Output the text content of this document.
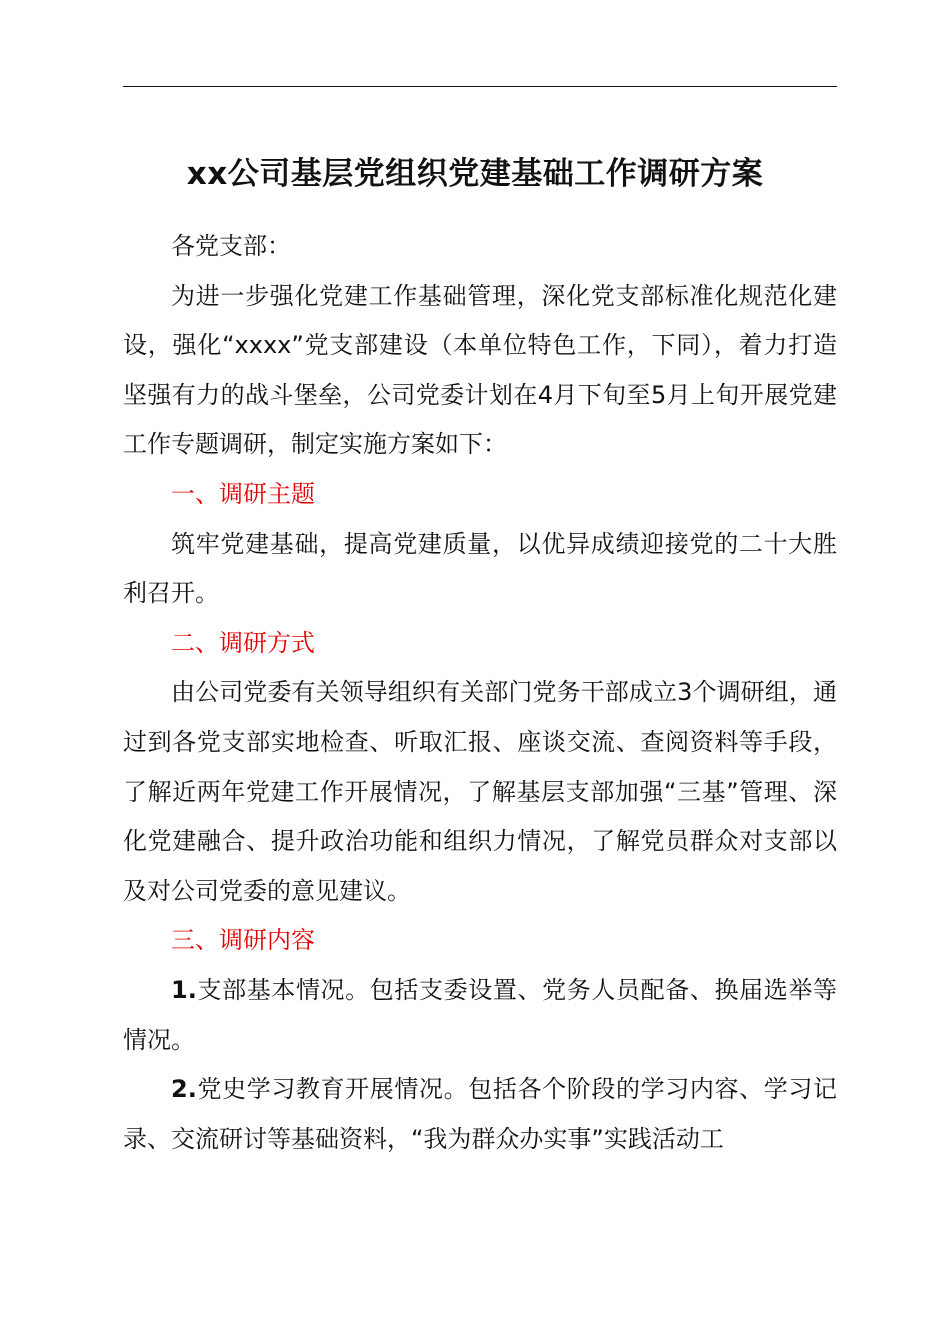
xx公司基层党组织党建基础工作调研方案

各党支部：

为进一步强化党建工作基础管理，深化党支部标准化规范化建设，强化“xxxx”党支部建设（本单位特色工作，下同），着力打造坚强有力的战斗堡垒，公司党委计划在4月下旬至5月上旬开展党建工作专题调研，制定实施方案如下：

一、调研主题

筑牢党建基础，提高党建质量，以优异成绩迎接党的二十大胜利召开。

二、调研方式

由公司党委有关领导组织有关部门党务干部成立3个调研组，通过到各党支部实地检查、听取汇报、座谈交流、查阅资料等手段，了解近两年党建工作开展情况，了解基层支部加强“三基”管理、深化党建融合、提升政治功能和组织力情况，了解党员群众对支部以及对公司党委的意见建议。

三、调研内容

1.支部基本情况。包括支委设置、党务人员配备、换届选举等情况。

2.党史学习教育开展情况。包括各个阶段的学习内容、学习记录、交流研讨等基础资料，“我为群众办实事”实践活动工
